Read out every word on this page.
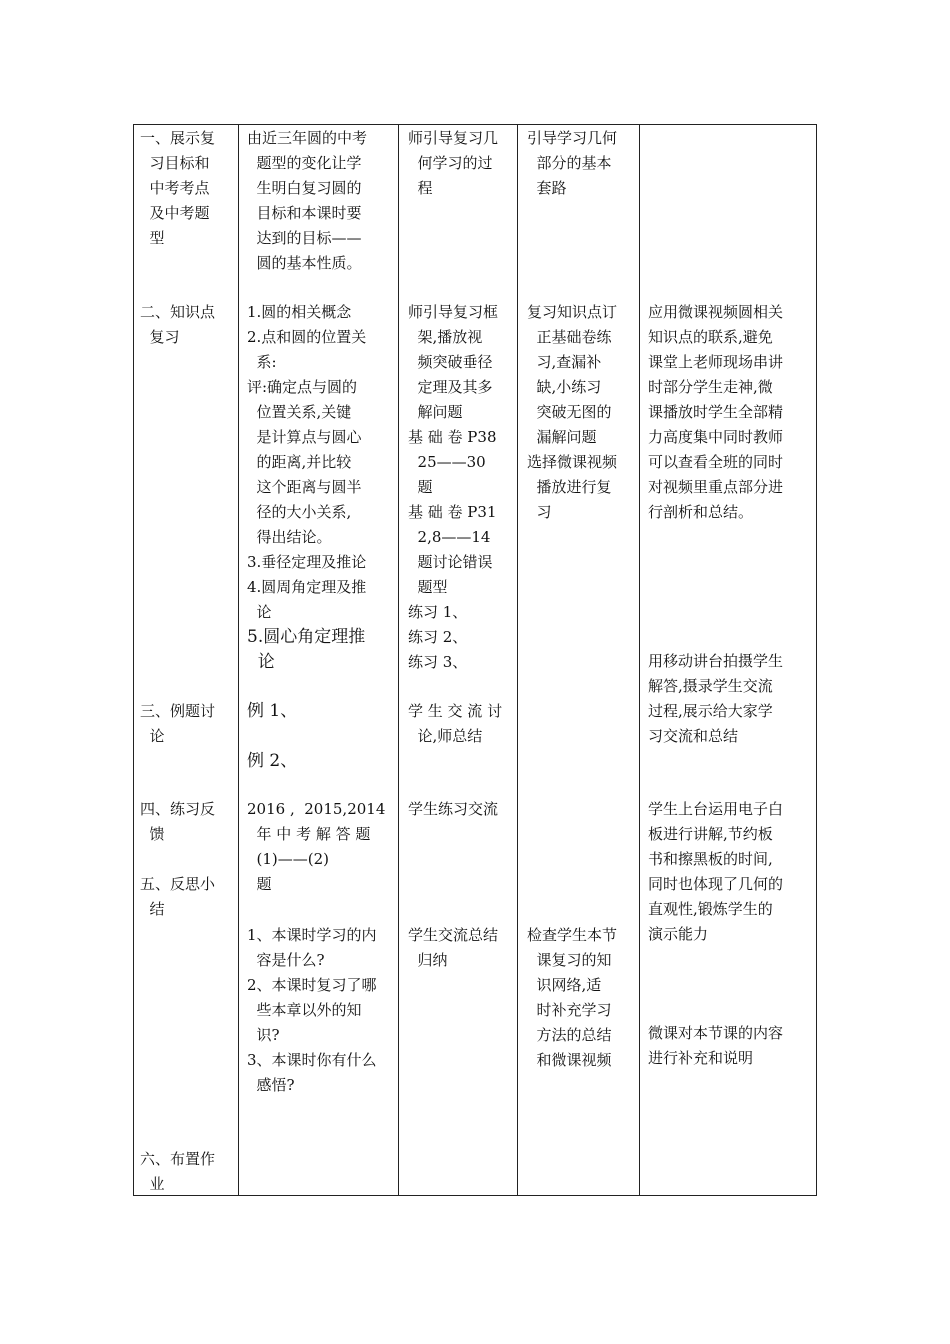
一、展示复
习目标和
中考考点
及中考题
型
由近三年圆的中考
题型的变化让学
生明白复习圆的
目标和本课时要
达到的目标——
圆的基本性质。
师引导复习几
何学习的过
程
引导学习几何
部分的基本
套路
二、知识点
复习
1.圆的相关概念
2.点和圆的位置关
系:
评:确定点与圆的
位置关系,关键
是计算点与圆心
的距离,并比较
这个距离与圆半
径的大小关系,
得出结论。
3.垂径定理及推论
4.圆周角定理及推
论
5.圆心角定理推
论
师引导复习框
架,播放视
频突破垂径
定理及其多
解问题
基 础 卷 P38
25——30
题
基 础 卷 P31
2,8——14
题讨论错误
题型
练习 1、
练习 2、
练习 3、
复习知识点订
正基础卷练
习,查漏补
缺,小练习
突破无图的
漏解问题
选择微课视频
播放进行复
习
应用微课视频圆相关
知识点的联系,避免
课堂上老师现场串讲
时部分学生走神,微
课播放时学生全部精
力高度集中同时教师
可以查看全班的同时
对视频里重点部分进
行剖析和总结。
三、例题讨
论
例 1、
例 2、
学 生 交 流 讨
论,师总结
用移动讲台拍摄学生
解答,摄录学生交流
过程,展示给大家学
习交流和总结
四、练习反
馈
2016 ,  2015,2014
年 中 考 解 答 题
(1)——(2)
题
学生练习交流	学生上台运用电子白
板进行讲解,节约板
书和擦黑板的时间,
同时也体现了几何的
直观性,锻炼学生的
演示能力
五、反思小
结
1、本课时学习的内
容是什么?
2、本课时复习了哪
些本章以外的知
识?
3、本课时你有什么
感悟?
学生交流总结
归纳
检查学生本节
课复习的知
识网络,适
时补充学习
方法的总结
和微课视频
微课对本节课的内容
进行补充和说明
六、布置作
业
